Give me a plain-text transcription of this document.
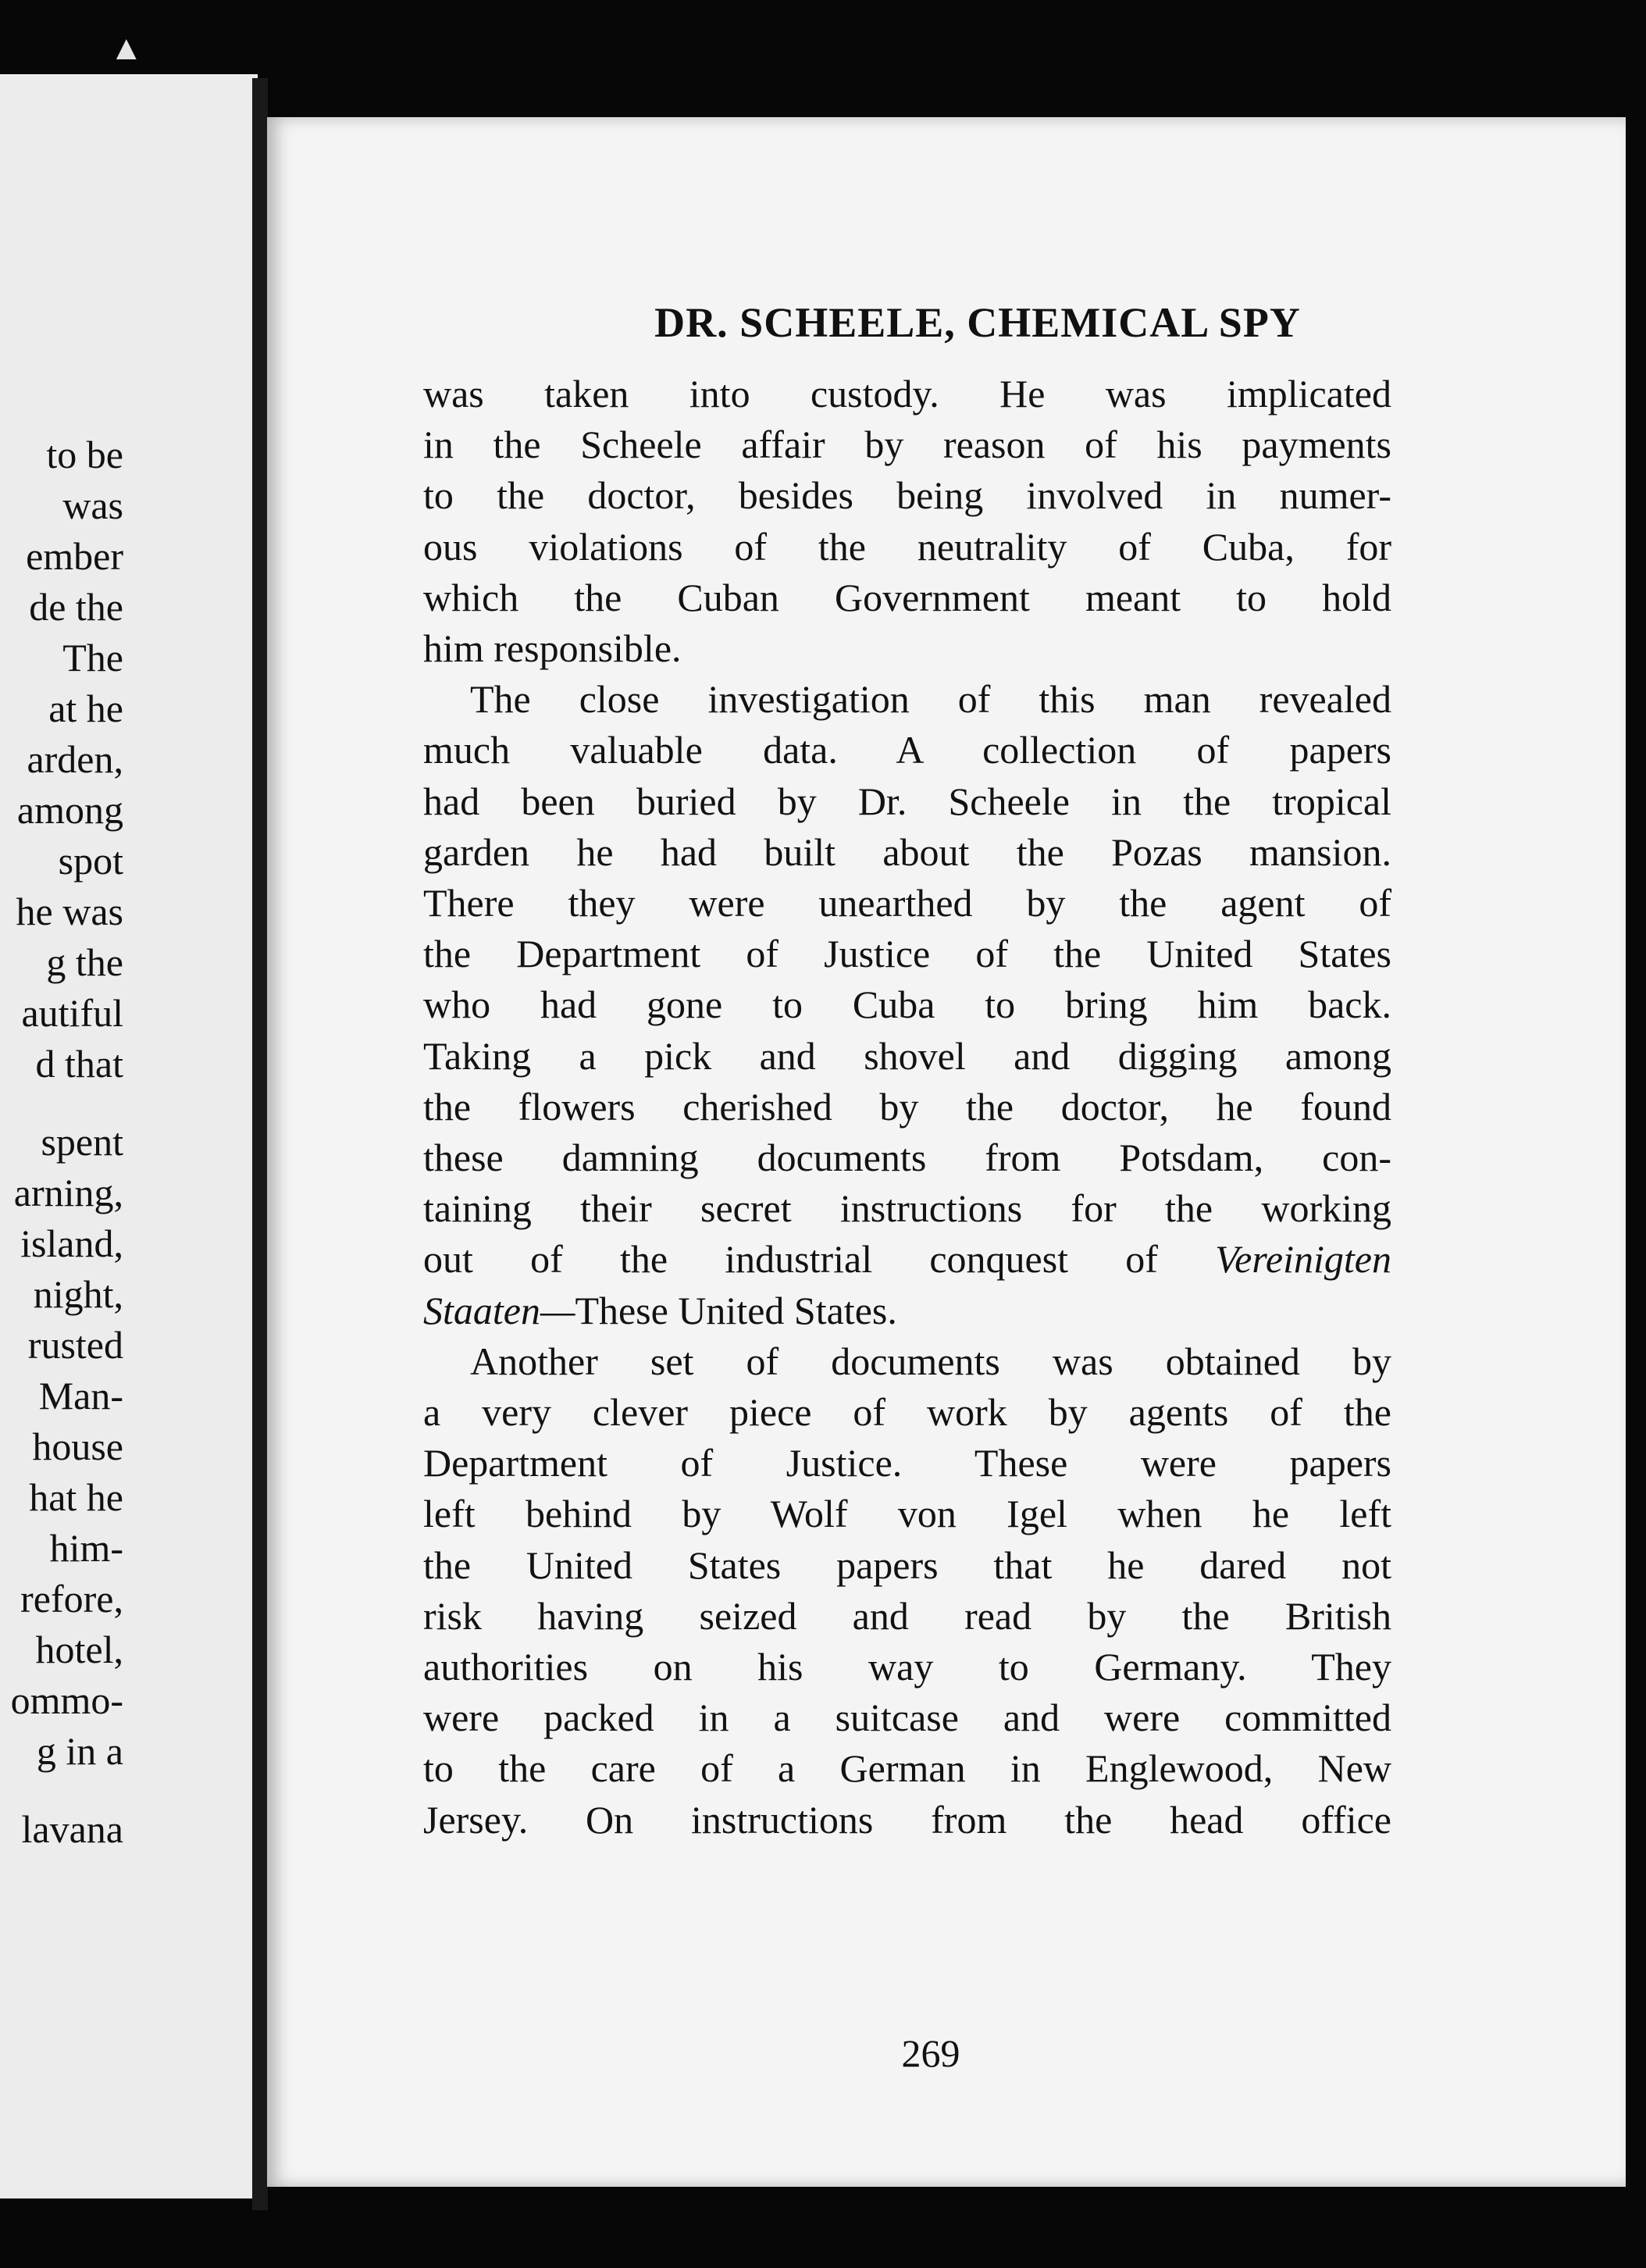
▲
to be
was
ember
de the
The
at he
arden,
among
spot
he was
g the
autiful
d that
spent
arning,
island,
night,
rusted
Man-
house
hat he
him-
refore,
hotel,
ommo-
g in a
lavana
DR. SCHEELE, CHEMICAL SPY

was taken into custody. He was implicated
in the Scheele affair by reason of his payments
to the doctor, besides being involved in numer-
ous violations of the neutrality of Cuba, for
which the Cuban Government meant to hold
him responsible.

The close investigation of this man revealed
much valuable data. A collection of papers
had been buried by Dr. Scheele in the tropical
garden he had built about the Pozas mansion.
There they were unearthed by the agent of
the Department of Justice of the United States
who had gone to Cuba to bring him back.
Taking a pick and shovel and digging among
the flowers cherished by the doctor, he found
these damning documents from Potsdam, con-
taining their secret instructions for the working
out of the industrial conquest of Vereinigten
Staaten—These United States.

Another set of documents was obtained by
a very clever piece of work by agents of the
Department of Justice. These were papers
left behind by Wolf von Igel when he left
the United States papers that he dared not
risk having seized and read by the British
authorities on his way to Germany. They
were packed in a suitcase and were committed
to the care of a German in Englewood, New
Jersey. On instructions from the head office

269
